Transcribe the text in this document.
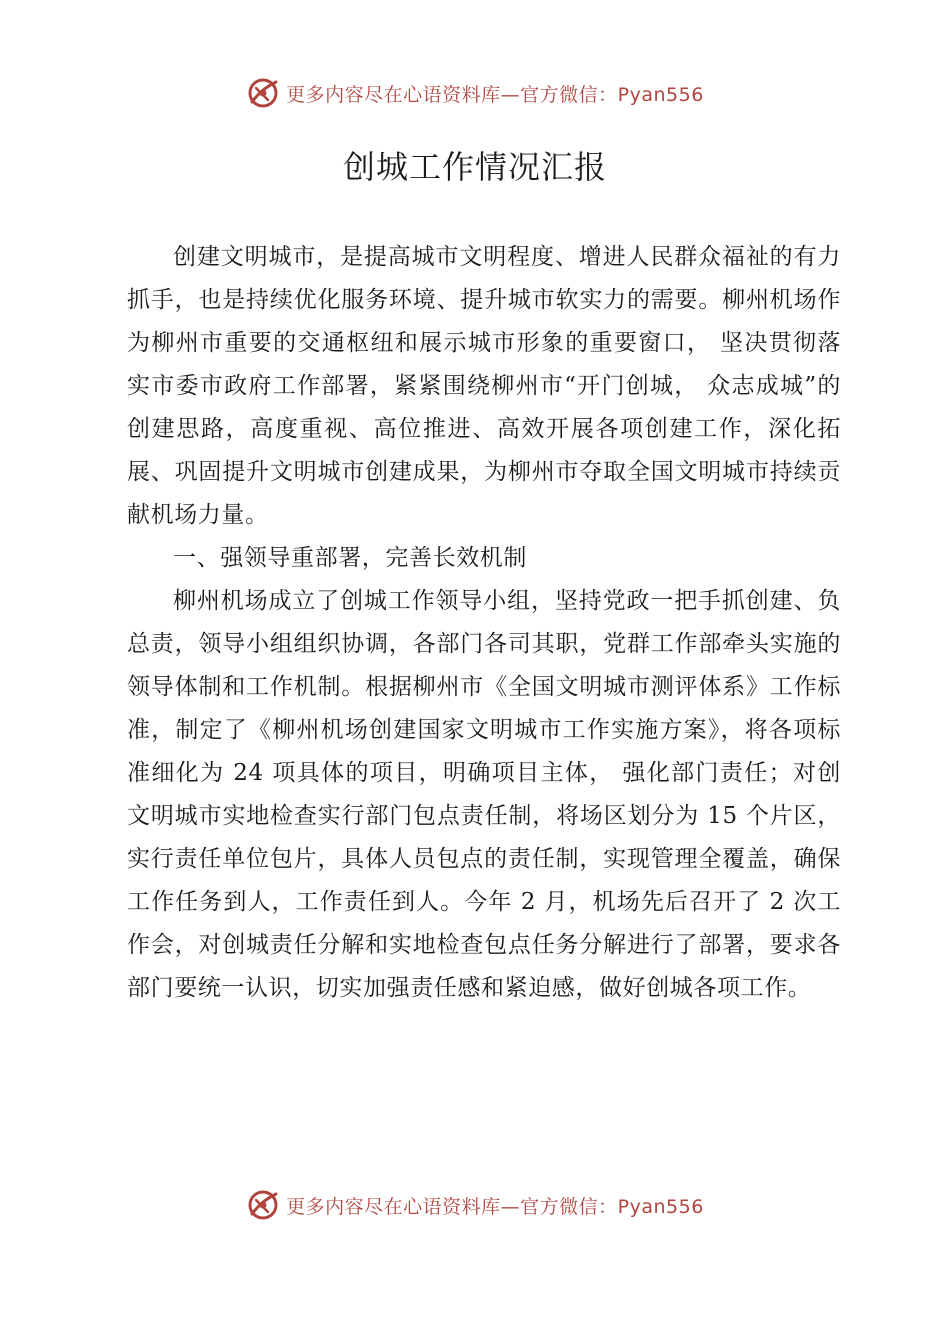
更多内容尽在心语资料库—官方微信：Pyan556
创城工作情况汇报

创建文明城市，是提高城市文明程度、增进人民群众福祉的有力抓手，也是持续优化服务环境、提升城市软实力的需要。柳州机场作为柳州市重要的交通枢纽和展示城市形象的重要窗口， 坚决贯彻落实市委市政府工作部署，紧紧围绕柳州市“开门创城， 众志成城”的创建思路，高度重视、高位推进、高效开展各项创建工作，深化拓展、巩固提升文明城市创建成果，为柳州市夺取全国文明城市持续贡献机场力量。

一、强领导重部署，完善长效机制

柳州机场成立了创城工作领导小组，坚持党政一把手抓创建、负总责，领导小组组织协调，各部门各司其职，党群工作部牵头实施的领导体制和工作机制。根据柳州市《全国文明城市测评体系》工作标准，制定了《柳州机场创建国家文明城市工作实施方案》，将各项标准细化为 24 项具体的项目，明确项目主体， 强化部门责任；对创文明城市实地检查实行部门包点责任制，将场区划分为 15 个片区，实行责任单位包片，具体人员包点的责任制，实现管理全覆盖，确保工作任务到人，工作责任到人。今年 2 月，机场先后召开了 2 次工作会，对创城责任分解和实地检查包点任务分解进行了部署，要求各部门要统一认识，切实加强责任感和紧迫感，做好创城各项工作。

更多内容尽在心语资料库—官方微信：Pyan556
